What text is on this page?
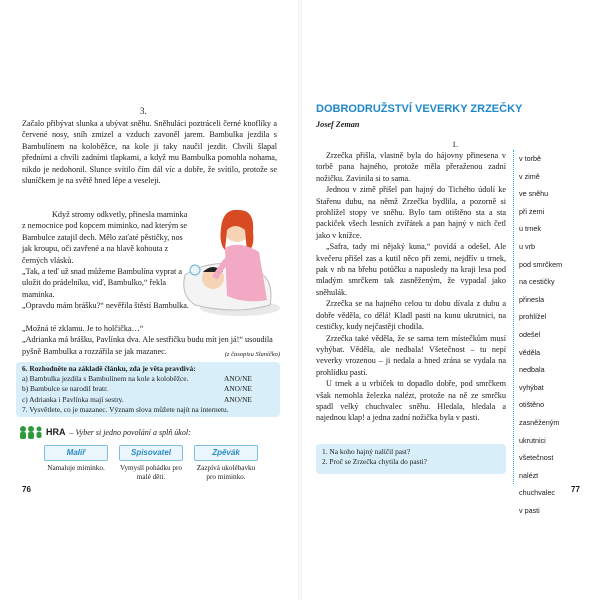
3.

Začalo přibývat slunka a ubývat sněhu. Sněhuláci poztráceli černé knoflíky a červené nosy, sníh zmizel a vzduch zavoněl jarem. Bambulka jezdila s Bambulínem na koloběžce, na kole ji taky naučil jezdit. Chvíli šlapal předními a chvíli zadními tlapkami, a když mu Bambulka pomohla nohama, nikdo je nedohonil. Slunce svítilo čím dál víc a dobře, že svítilo, protože se sluníčkem je na světě hned lépe a veseleji.

Když stromy odkvetly, přinesla maminka z nemocnice pod kopcem miminko, nad kterým se Bambulce zatajil dech. Mělo zaťaté pěstičky, nos jak kroupu, oči zavřené a na hlavě kohouta z černých vlásků.

„Tak, a teď už snad můžeme Bambulína vyprat a uložit do prádelníku, viď, Bambulko,“ řekla maminka.

„Opravdu mám brášku?“ nevěřila štěstí Bambulka.

„Možná té zklamu. Je to holčička…“

„Adrianka má brášku, Pavlínka dva. Ale sestřičku budu mít jen já!“ usoudila pyšně Bambulka a rozzářila se jak mazanec.	(z časopisu Sluníčko)
6. Rozhodněte na základě článku, zda je věta pravdivá:
a) Bambulka jezdila s Bambulínem na kole a koloběžce.	ANO/NE
b) Bambulce se narodil bratr.	ANO/NE
c) Adrianka i Pavlínka mají sestry.	ANO/NE
7. Vysvětlete, co je mazanec. Význam slova můžete najít na internetu.
HRA – Vyber si jedno povolání a splň úkol:
Malíř
Namaluje miminko.
Spisovatel
Vymyslí pohádku pro malé děti.
Zpěvák
Zazpívá ukolébavku pro miminko.
76
DOBRODRUŽSTVÍ VEVERKY ZRZEČKY
Josef Zeman
1.

Zrzečka přišla, vlastně byla do hájovny přinesena v torbě pana hajného, protože měla přeraženou zadní nožičku. Zavinila si to sama.

Jednou v zimě přišel pan hajný do Tichého údolí ke Stařenu dubu, na němž Zrzečka bydlila, a pozorně si prohlížel stopy ve sněhu. Bylo tam otištěno sta a sta packiček všech lesních zvířátek a pan hajný v nich četl jako v knížce.

„Safra, tady mi nějaký kuna,“ povídá a odešel. Ale kvečeru přišel zas a kutil něco při zemi, nejdřív u trnek, pak v nb na břehu potůčku a naposledy na kraji lesa pod mladým smrčkem tak zasněženým, že vypadal jako sněhulák.

Zrzečka se na hajného celou tu dobu dívala z dubu a dobře věděla, co dělá! Kladl pasti na kunu ukrutnici, na cestičky, kudy nejčastěji chodila.

Zrzečka také věděla, že se sama tem místečkům musí vyhýbat. Věděla, ale nedbala! Všetečnost – tu nepí veverky vrozenou – ji nedala a hned zrána se vydala na prohlídku pastí.

U trnek a u vrbiček to dopadlo dobře, pod smrčkem však nemohla železka nalézt, protože na ně ze smrčku spadl velký chuchvalec sněhu. Hledala, hledala a najednou klap! a jedna zadní nožička byla v pasti.

v torbě
v zimě
ve sněhu
při zemi
u trnek
u vrb
pod smrčkem
na cestičky
přinesla
prohlížel
odešel
věděla
nedbala
vyhýbat
otištěno
zasněženým
ukrutnici
všetečnost
nalézt
chuchvalec
v pasti
1. Na koho hajný nalíčil past?
2. Proč se Zrzečka chytila do pasti?
77
